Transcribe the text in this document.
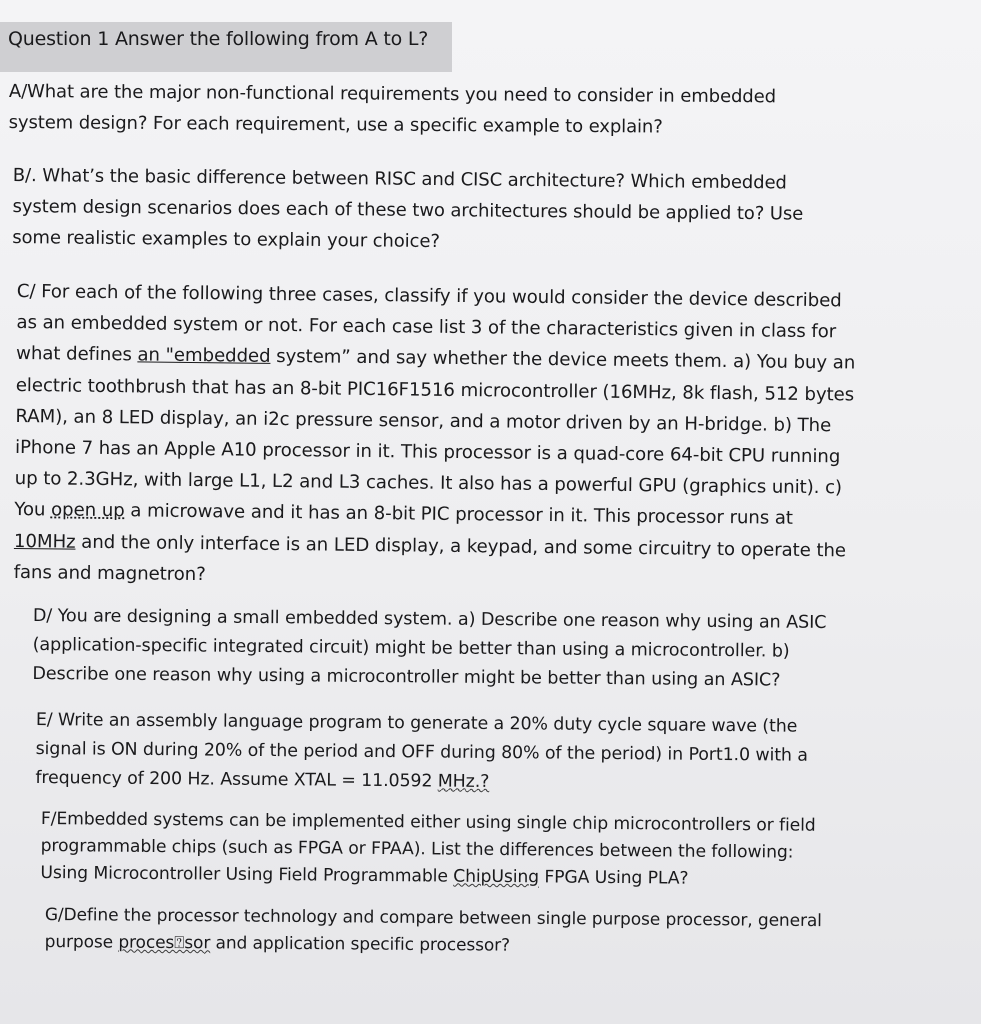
Question 1 Answer the following from A to L?
A/What are the major non-functional requirements you need to consider in embedded
system design? For each requirement, use a specific example to explain?
B/. What’s the basic difference between RISC and CISC architecture? Which embedded
system design scenarios does each of these two architectures should be applied to? Use
some realistic examples to explain your choice?
C/ For each of the following three cases, classify if you would consider the device described
as an embedded system or not. For each case list 3 of the characteristics given in class for
what defines an "embedded system” and say whether the device meets them. a) You buy an
electric toothbrush that has an 8-bit PIC16F1516 microcontroller (16MHz, 8k flash, 512 bytes
RAM), an 8 LED display, an i2c pressure sensor, and a motor driven by an H-bridge. b) The
iPhone 7 has an Apple A10 processor in it. This processor is a quad-core 64-bit CPU running
up to 2.3GHz, with large L1, L2 and L3 caches. It also has a powerful GPU (graphics unit). c)
You open up a microwave and it has an 8-bit PIC processor in it. This processor runs at
10MHz and the only interface is an LED display, a keypad, and some circuitry to operate the
fans and magnetron?
D/ You are designing a small embedded system. a) Describe one reason why using an ASIC
(application-specific integrated circuit) might be better than using a microcontroller. b)
Describe one reason why using a microcontroller might be better than using an ASIC?
E/ Write an assembly language program to generate a 20% duty cycle square wave (the
signal is ON during 20% of the period and OFF during 80% of the period) in Port1.0 with a
frequency of 200 Hz. Assume XTAL = 11.0592 MHz.?
F/Embedded systems can be implemented either using single chip microcontrollers or field
programmable chips (such as FPGA or FPAA). List the differences between the following:
Using Microcontroller Using Field Programmable ChipUsing FPGA Using PLA?
G/Define the processor technology and compare between single purpose processor, general
purpose proces⍰sor and application specific processor?
